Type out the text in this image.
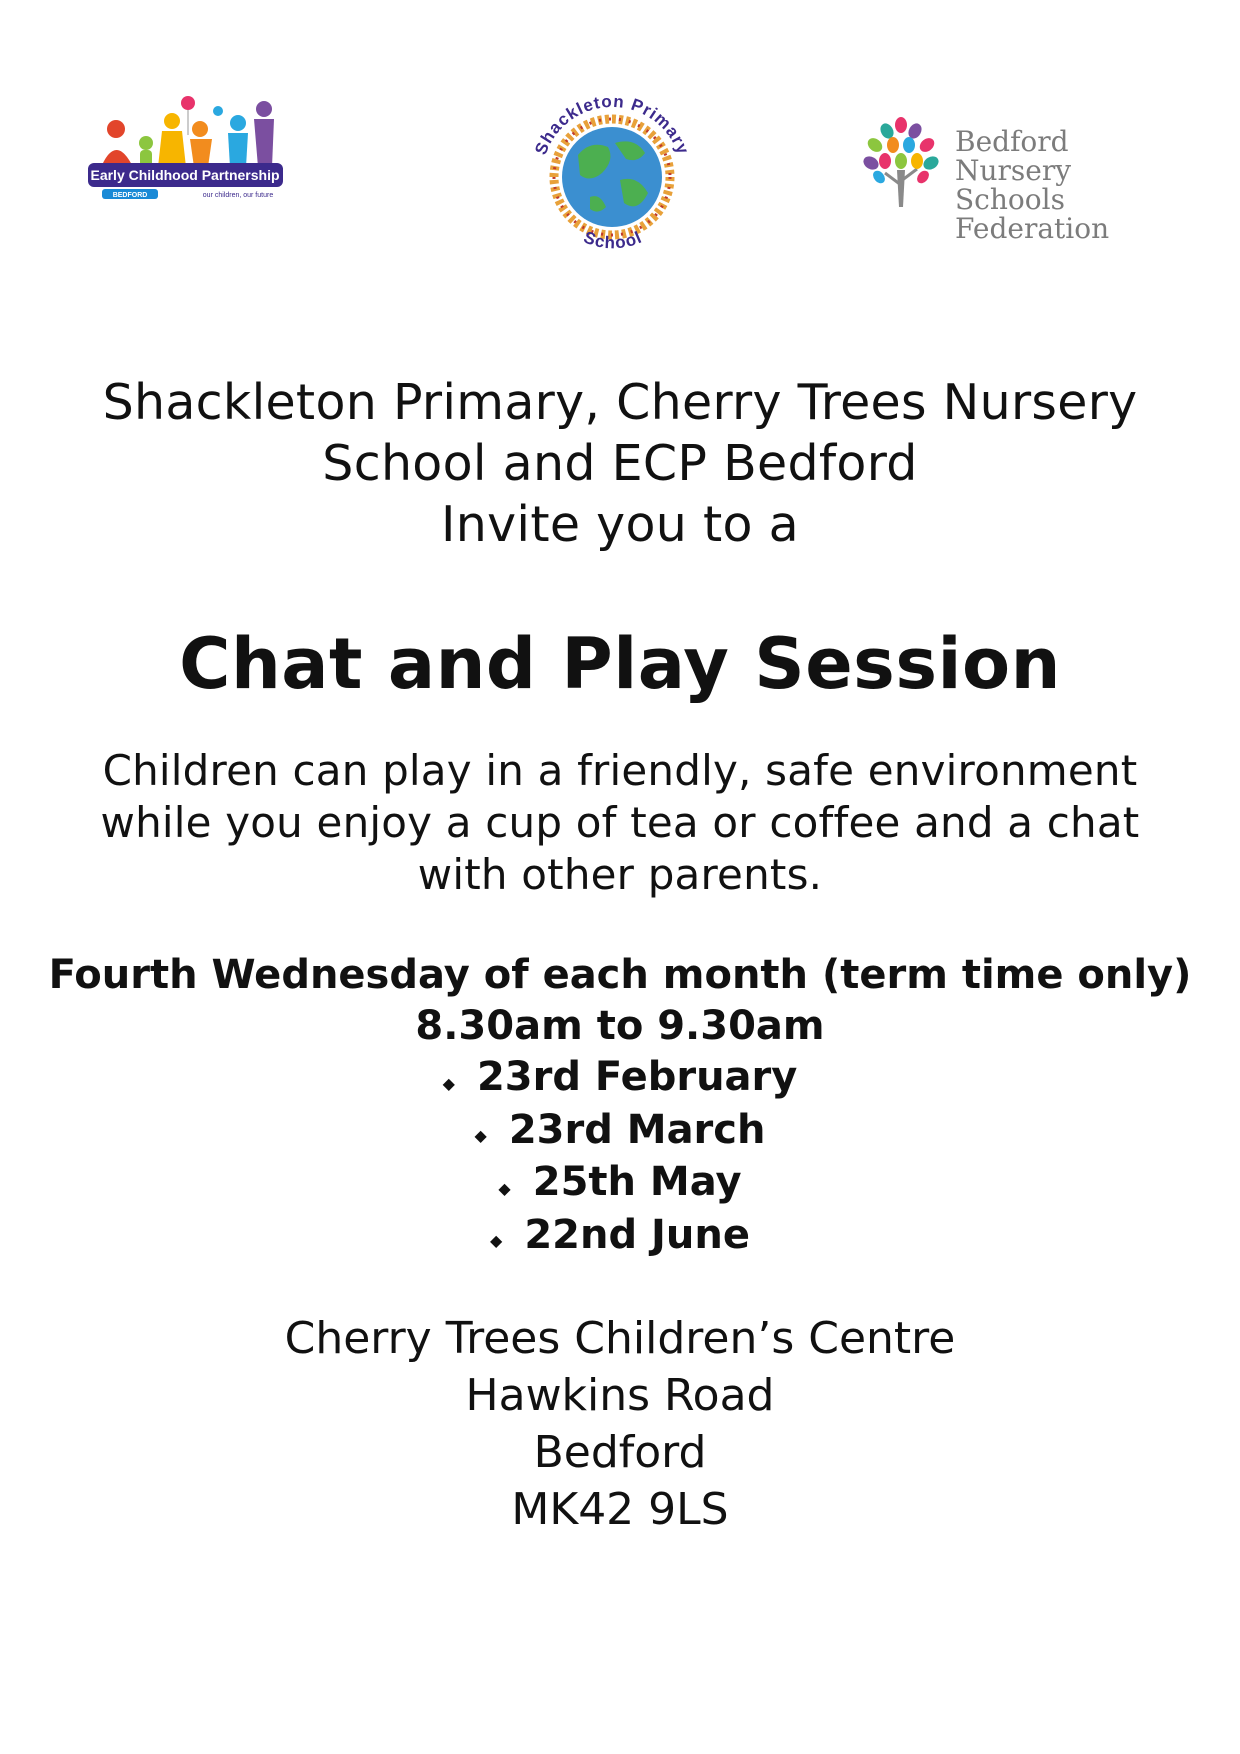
Early Childhood Partnership
BEDFORD	our children, our future
Shackleton Primary
School
Bedford
Nursery Schools
Federation
Shackleton Primary, Cherry Trees Nursery
School and ECP Bedford
Invite you to a
Chat and Play Session
Children can play in a friendly, safe environment
while you enjoy a cup of tea or coffee and a chat
with other parents.
Fourth Wednesday of each month (term time only)
8.30am to 9.30am
◆ 23rd February
◆ 23rd March
◆ 25th May
◆ 22nd June
Cherry Trees Children’s Centre
Hawkins Road
Bedford
MK42 9LS
